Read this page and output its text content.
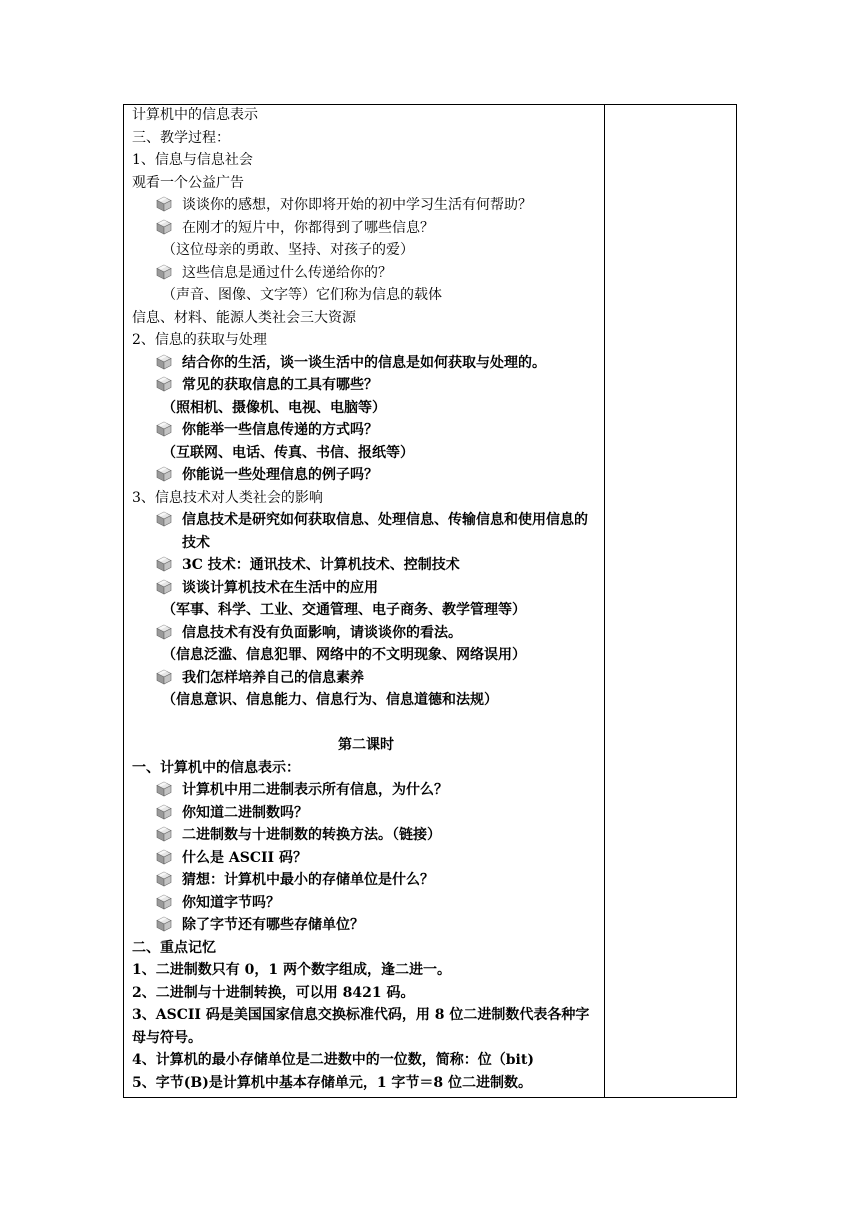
计算机中的信息表示
三、教学过程：
1、信息与信息社会
观看一个公益广告
谈谈你的感想，对你即将开始的初中学习生活有何帮助？
在刚才的短片中，你都得到了哪些信息？
（这位母亲的勇敢、坚持、对孩子的爱）
这些信息是通过什么传递给你的？
（声音、图像、文字等）它们称为信息的载体
信息、材料、能源人类社会三大资源
2、信息的获取与处理
结合你的生活，谈一谈生活中的信息是如何获取与处理的。
常见的获取信息的工具有哪些？
（照相机、摄像机、电视、电脑等）
你能举一些信息传递的方式吗？
（互联网、电话、传真、书信、报纸等）
你能说一些处理信息的例子吗？
3、信息技术对人类社会的影响
信息技术是研究如何获取信息、处理信息、传输信息和使用信息的技术
3C 技术：通讯技术、计算机技术、控制技术
谈谈计算机技术在生活中的应用
（军事、科学、工业、交通管理、电子商务、教学管理等）
信息技术有没有负面影响，请谈谈你的看法。
（信息泛滥、信息犯罪、网络中的不文明现象、网络误用）
我们怎样培养自己的信息素养
（信息意识、信息能力、信息行为、信息道德和法规）
第二课时
一、计算机中的信息表示：
计算机中用二进制表示所有信息，为什么？
你知道二进制数吗？
二进制数与十进制数的转换方法。（链接）
什么是 ASCII 码？
猜想：计算机中最小的存储单位是什么？
你知道字节吗？
除了字节还有哪些存储单位？
二、重点记忆
1、二进制数只有 0，1 两个数字组成，逢二进一。
2、二进制与十进制转换，可以用 8421 码。
3、ASCII 码是美国国家信息交换标准代码，用 8 位二进制数代表各种字母与符号。
4、计算机的最小存储单位是二进数中的一位数，简称：位（bit)
5、字节(B)是计算机中基本存储单元，1 字节＝8 位二进制数。
